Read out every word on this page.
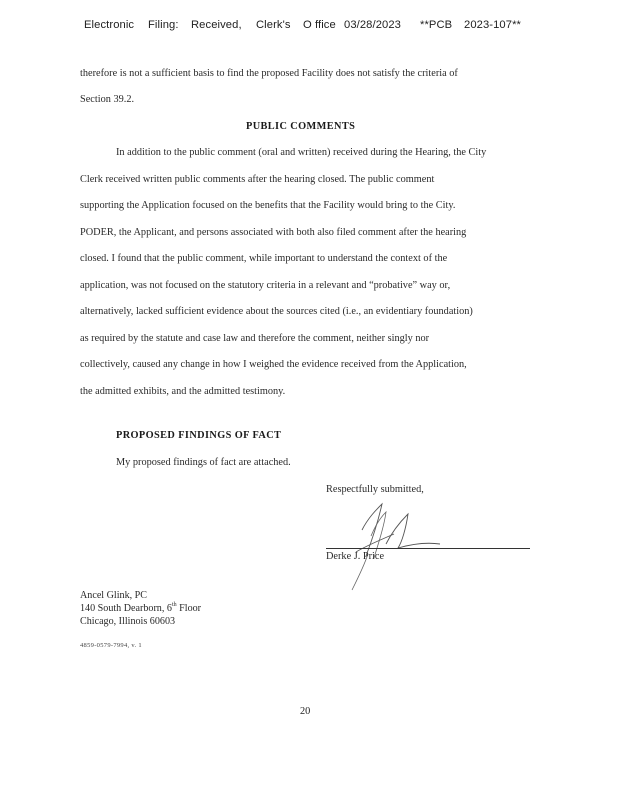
Electronic Filing: Received, Clerk's O ffice 03/28/2023 **PCB 2023-107**
therefore is not a sufficient basis to find the proposed Facility does not satisfy the criteria of
Section 39.2.
PUBLIC COMMENTS
In addition to the public comment (oral and written) received during the Hearing, the City
Clerk received written public comments after the hearing closed. The public comment
supporting the Application focused on the benefits that the Facility would bring to the City.
PODER, the Applicant, and persons associated with both also filed comment after the hearing
closed. I found that the public comment, while important to understand the context of the
application, was not focused on the statutory criteria in a relevant and “probative” way or,
alternatively, lacked sufficient evidence about the sources cited (i.e., an evidentiary foundation)
as required by the statute and case law and therefore the comment, neither singly nor
collectively, caused any change in how I weighed the evidence received from the Application,
the admitted exhibits, and the admitted testimony.
PROPOSED FINDINGS OF FACT
My proposed findings of fact are attached.
Respectfully submitted,
Derke J. Price
Ancel Glink, PC
140 South Dearborn, 6th Floor
Chicago, Illinois 60603
4859-0579-7994, v. 1
20
